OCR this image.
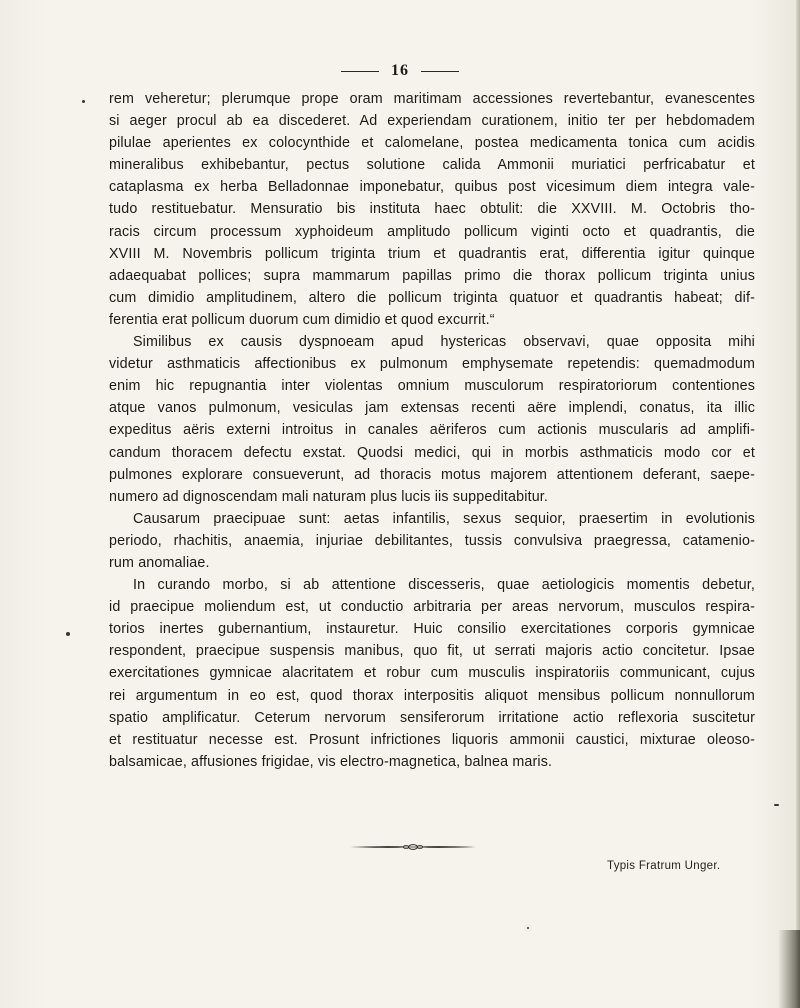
16
rem veheretur; plerumque prope oram maritimam accessiones revertebantur, evanescentes
si aeger procul ab ea discederet. Ad experiendam curationem, initio ter per hebdomadem
pilulae aperientes ex colocynthide et calomelane, postea medicamenta tonica cum acidis
mineralibus exhibebantur, pectus solutione calida Ammonii muriatici perfricabatur et
cataplasma ex herba Belladonnae imponebatur, quibus post vicesimum diem integra vale-
tudo restituebatur. Mensuratio bis instituta haec obtulit: die XXVIII. M. Octobris tho-
racis circum processum xyphoideum amplitudo pollicum viginti octo et quadrantis, die
XVIII M. Novembris pollicum triginta trium et quadrantis erat, differentia igitur quinque
adaequabat pollices; supra mammarum papillas primo die thorax pollicum triginta unius
cum dimidio amplitudinem, altero die pollicum triginta quatuor et quadrantis habeat; dif-
ferentia erat pollicum duorum cum dimidio et quod excurrit.“
Similibus ex causis dyspnoeam apud hystericas observavi, quae opposita mihi
videtur asthmaticis affectionibus ex pulmonum emphysemate repetendis: quemadmodum
enim hic repugnantia inter violentas omnium musculorum respiratoriorum contentiones
atque vanos pulmonum, vesiculas jam extensas recenti aëre implendi, conatus, ita illic
expeditus aëris externi introitus in canales aëriferos cum actionis muscularis ad amplifi-
candum thoracem defectu exstat. Quodsi medici, qui in morbis asthmaticis modo cor et
pulmones explorare consueverunt, ad thoracis motus majorem attentionem deferant, saepe-
numero ad dignoscendam mali naturam plus lucis iis suppeditabitur.
Causarum praecipuae sunt: aetas infantilis, sexus sequior, praesertim in evolutionis
periodo, rhachitis, anaemia, injuriae debilitantes, tussis convulsiva praegressa, catamenio-
rum anomaliae.
In curando morbo, si ab attentione discesseris, quae aetiologicis momentis debetur,
id praecipue moliendum est, ut conductio arbitraria per areas nervorum, musculos respira-
torios inertes gubernantium, instauretur. Huic consilio exercitationes corporis gymnicae
respondent, praecipue suspensis manibus, quo fit, ut serrati majoris actio concitetur. Ipsae
exercitationes gymnicae alacritatem et robur cum musculis inspiratoriis communicant, cujus
rei argumentum in eo est, quod thorax interpositis aliquot mensibus pollicum nonnullorum
spatio amplificatur. Ceterum nervorum sensiferorum irritatione actio reflexoria suscitetur
et restituatur necesse est. Prosunt infrictiones liquoris ammonii caustici, mixturae oleoso-
balsamicae, affusiones frigidae, vis electro-magnetica, balnea maris.
Typis Fratrum Unger.
